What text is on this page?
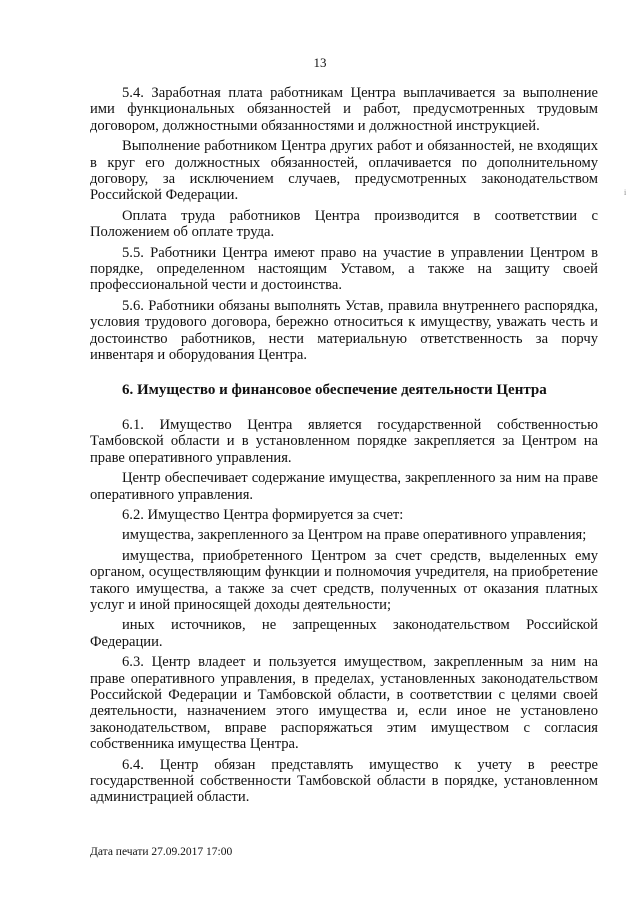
13
і

5.4. Заработная плата работникам Центра выплачивается за выполнение ими функциональных обязанностей и работ, предусмотренных трудовым договором, должностными обязанностями и должностной инструкцией.

Выполнение работником Центра других работ и обязанностей, не входящих в круг его должностных обязанностей, оплачивается по дополнительному договору, за исключением случаев, предусмотренных законодательством Российской Федерации.

Оплата труда работников Центра производится в соответствии с Положением об оплате труда.

5.5. Работники Центра имеют право на участие в управлении Центром в порядке, определенном настоящим Уставом, а также на защиту своей профессиональной чести и достоинства.

5.6. Работники обязаны выполнять Устав, правила внутреннего распорядка, условия трудового договора, бережно относиться к имуществу, уважать честь и достоинство работников, нести материальную ответственность за порчу инвентаря и оборудования Центра.

6. Имущество и финансовое обеспечение деятельности Центра

6.1. Имущество Центра является государственной собственностью Тамбовской области и в установленном порядке закрепляется за Центром на праве оперативного управления.

Центр обеспечивает содержание имущества, закрепленного за ним на праве оперативного управления.

6.2. Имущество Центра формируется за счет:

имущества, закрепленного за Центром на праве оперативного управления;

имущества, приобретенного Центром за счет средств, выделенных ему органом, осуществляющим функции и полномочия учредителя, на приобретение такого имущества, а также за счет средств, полученных от оказания платных услуг и иной приносящей доходы деятельности;

иных источников, не запрещенных законодательством Российской Федерации.

6.3. Центр владеет и пользуется имуществом, закрепленным за ним на праве оперативного управления, в пределах, установленных законодательством Российской Федерации и Тамбовской области, в соответствии с целями своей деятельности, назначением этого имущества и, если иное не установлено законодательством, вправе распоряжаться этим имуществом с согласия собственника имущества Центра.

6.4. Центр обязан представлять имущество к учету в реестре государственной собственности Тамбовской области в порядке, установленном администрацией области.

Дата печати 27.09.2017 17:00
